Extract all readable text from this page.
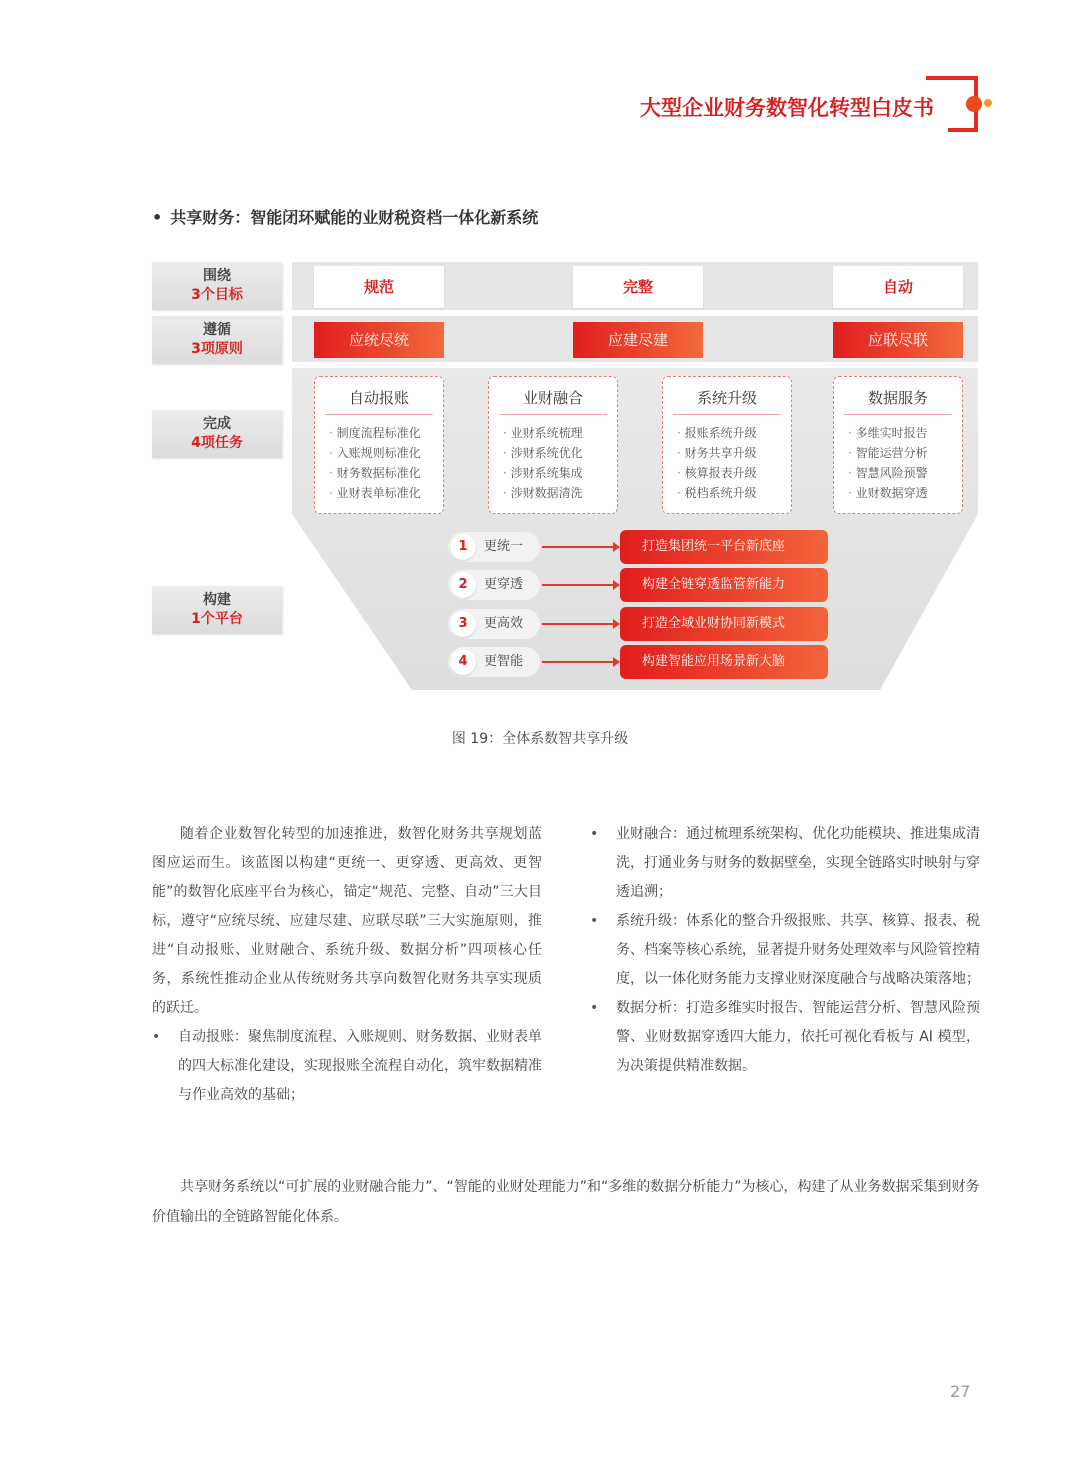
大型企业财务数智化转型白皮书
• 共享财务：智能闭环赋能的业财税资档一体化新系统
围绕
3个目标
遵循
3项原则
完成
4项任务
构建
1个平台
规范	完整	自动
应统尽统	应建尽建	应联尽联
自动报账
· 制度流程标准化
· 入账规则标准化
· 财务数据标准化
· 业财表单标准化
业财融合
· 业财系统梳理
· 涉财系统优化
· 涉财系统集成
· 涉财数据清洗
系统升级
· 报账系统升级
· 财务共享升级
· 核算报表升级
· 税档系统升级
数据服务
· 多维实时报告
· 智能运营分析
· 智慧风险预警
· 业财数据穿透
1	更统一	打造集团统一平台新底座
2	更穿透	构建全链穿透监管新能力
3	更高效	打造全域业财协同新模式
4	更智能	构建智能应用场景新大脑
图 19：全体系数智共享升级

随着企业数智化转型的加速推进，数智化财务共享规划蓝图应运而生。该蓝图以构建“更统一、更穿透、更高效、更智能”的数智化底座平台为核心，锚定“规范、完整、自动”三大目标，遵守“应统尽统、应建尽建、应联尽联”三大实施原则，推进“自动报账、业财融合、系统升级、数据分析”四项核心任务，系统性推动企业从传统财务共享向数智化财务共享实现质的跃迁。

• 自动报账：聚焦制度流程、入账规则、财务数据、业财表单的四大标准化建设，实现报账全流程自动化，筑牢数据精准与作业高效的基础；

• 业财融合：通过梳理系统架构、优化功能模块、推进集成清洗，打通业务与财务的数据壁垒，实现全链路实时映射与穿透追溯；

• 系统升级：体系化的整合升级报账、共享、核算、报表、税务、档案等核心系统，显著提升财务处理效率与风险管控精度，以一体化财务能力支撑业财深度融合与战略决策落地；

• 数据分析：打造多维实时报告、智能运营分析、智慧风险预警、业财数据穿透四大能力，依托可视化看板与 AI 模型，为决策提供精准数据。

共享财务系统以“可扩展的业财融合能力”、“智能的业财处理能力”和“多维的数据分析能力”为核心，构建了从业务数据采集到财务价值输出的全链路智能化体系。

27
